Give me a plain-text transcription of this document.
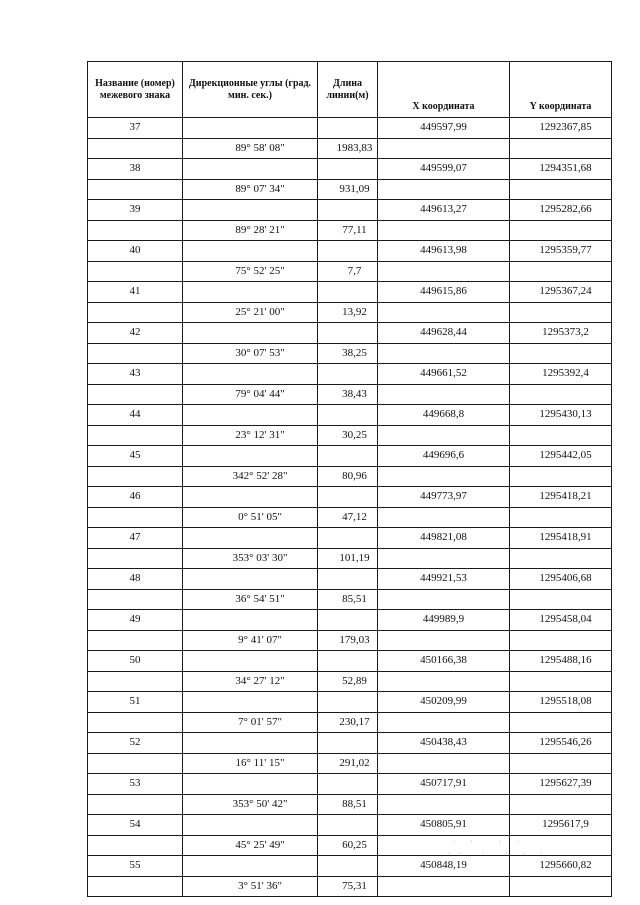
Название (номер) межевого знака	Дирекционные углы (град. мин. сек.)	Длина линии(м)	X координата	Y координата
37			449597,99	1292367,85
	89° 58' 08"	1983,83		
38			449599,07	1294351,68
	89° 07' 34"	931,09		
39			449613,27	1295282,66
	89° 28' 21"	77,11		
40			449613,98	1295359,77
	75° 52' 25"	7,7		
41			449615,86	1295367,24
	25° 21' 00"	13,92		
42			449628,44	1295373,2
	30° 07' 53"	38,25		
43			449661,52	1295392,4
	79° 04' 44"	38,43		
44			449668,8	1295430,13
	23° 12' 31"	30,25		
45			449696,6	1295442,05
	342° 52' 28"	80,96		
46			449773,97	1295418,21
	0° 51' 05"	47,12		
47			449821,08	1295418,91
	353° 03' 30"	101,19		
48			449921,53	1295406,68
	36° 54' 51"	85,51		
49			449989,9	1295458,04
	9° 41' 07"	179,03		
50			450166,38	1295488,16
	34° 27' 12"	52,89		
51			450209,99	1295518,08
	7° 01' 57"	230,17		
52			450438,43	1295546,26
	16° 11' 15"	291,02		
53			450717,91	1295627,39
	353° 50' 42"	88,51		
54			450805,91	1295617,9
	45° 25' 49"	60,25		
55			450848,19	1295660,82
	3° 51' 36"	75,31		
·  ·    ·  ·
· ·   ·   ·  ·  ·
